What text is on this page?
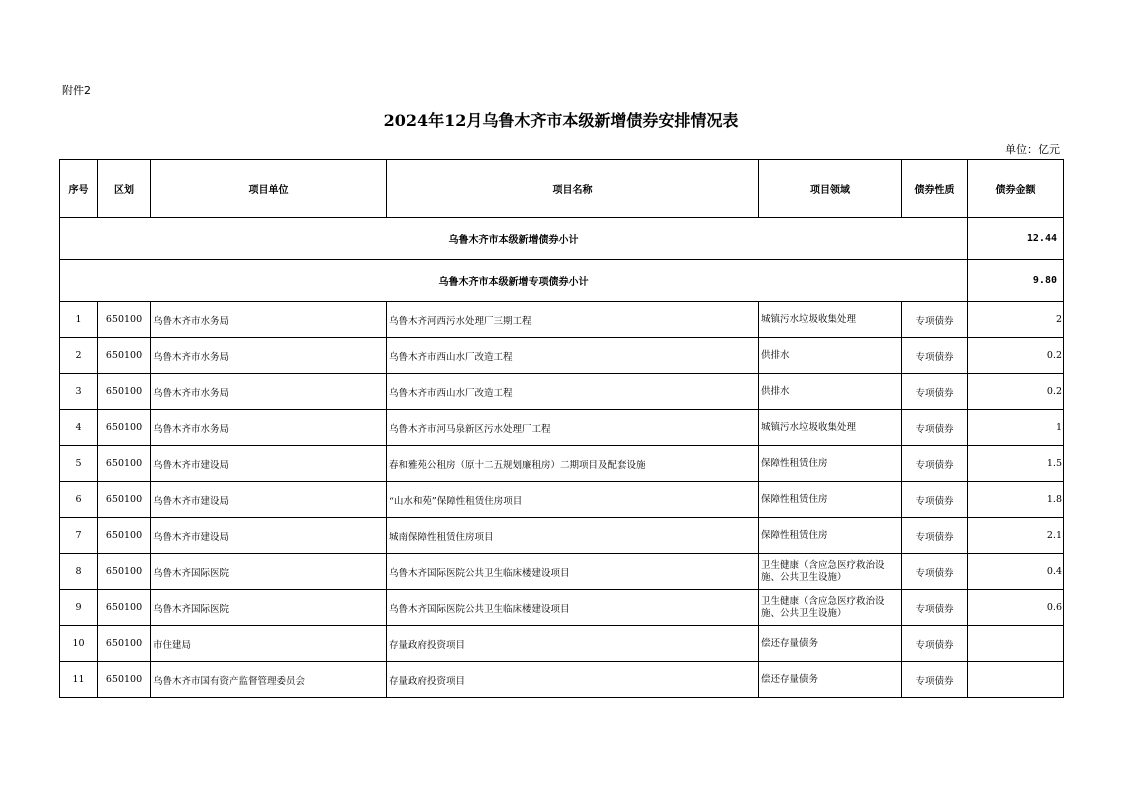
附件2
2024年12月乌鲁木齐市本级新增债券安排情况表
单位：亿元
序号	区划	项目单位	项目名称	项目领域	债券性质	债券金额
乌鲁木齐市本级新增债券小计						12.44
乌鲁木齐市本级新增专项债券小计						9.80
1	650100	乌鲁木齐市水务局	乌鲁木齐河西污水处理厂三期工程	城镇污水垃圾收集处理	专项债券	2
2	650100	乌鲁木齐市水务局	乌鲁木齐市西山水厂改造工程	供排水	专项债券	0.2
3	650100	乌鲁木齐市水务局	乌鲁木齐市西山水厂改造工程	供排水	专项债券	0.2
4	650100	乌鲁木齐市水务局	乌鲁木齐市河马泉新区污水处理厂工程	城镇污水垃圾收集处理	专项债券	1
5	650100	乌鲁木齐市建设局	春和雅苑公租房（原十二五规划廉租房）二期项目及配套设施	保障性租赁住房	专项债券	1.5
6	650100	乌鲁木齐市建设局	“山水和苑”保障性租赁住房项目	保障性租赁住房	专项债券	1.8
7	650100	乌鲁木齐市建设局	城南保障性租赁住房项目	保障性租赁住房	专项债券	2.1
8	650100	乌鲁木齐国际医院	乌鲁木齐国际医院公共卫生临床楼建设项目	卫生健康（含应急医疗救治设施、公共卫生设施）	专项债券	0.4
9	650100	乌鲁木齐国际医院	乌鲁木齐国际医院公共卫生临床楼建设项目	卫生健康（含应急医疗救治设施、公共卫生设施）	专项债券	0.6
10	650100	市住建局	存量政府投资项目	偿还存量债务	专项债券	
11	650100	乌鲁木齐市国有资产监督管理委员会	存量政府投资项目	偿还存量债务	专项债券	
